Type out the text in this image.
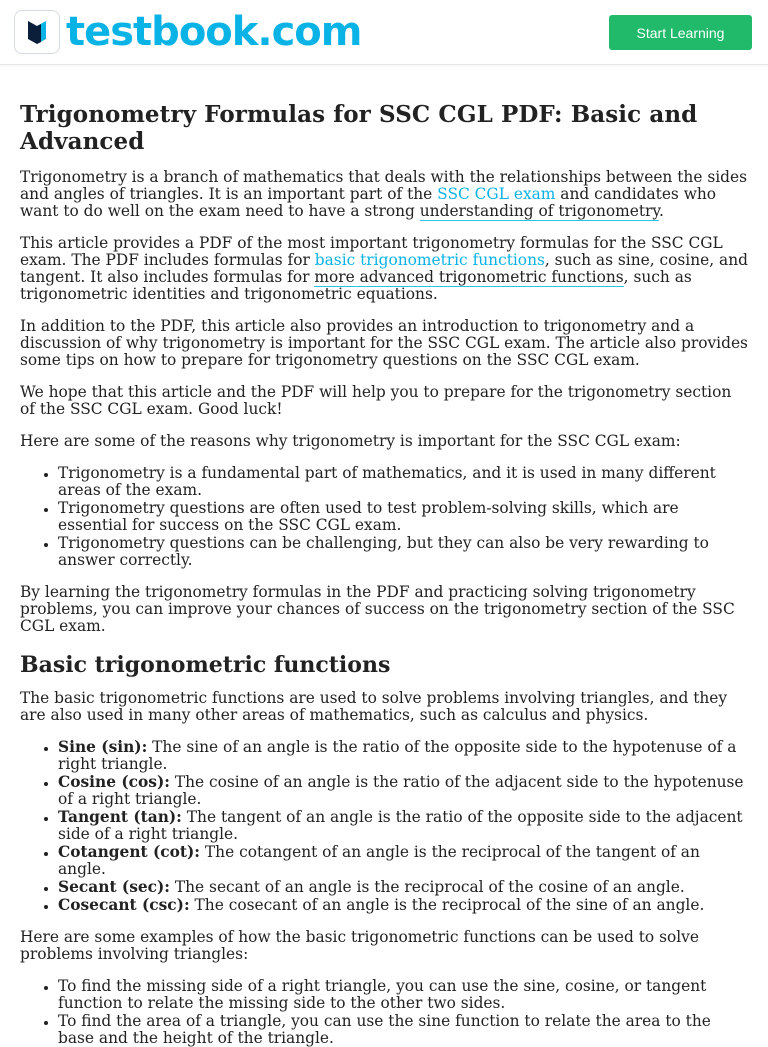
testbook.com	Start Learning
Trigonometry Formulas for SSC CGL PDF: Basic and Advanced

Trigonometry is a branch of mathematics that deals with the relationships between the sides and angles of triangles. It is an important part of the SSC CGL exam and candidates who want to do well on the exam need to have a strong understanding of trigonometry.

This article provides a PDF of the most important trigonometry formulas for the SSC CGL exam. The PDF includes formulas for basic trigonometric functions, such as sine, cosine, and tangent. It also includes formulas for more advanced trigonometric functions, such as trigonometric identities and trigonometric equations.

In addition to the PDF, this article also provides an introduction to trigonometry and a discussion of why trigonometry is important for the SSC CGL exam. The article also provides some tips on how to prepare for trigonometry questions on the SSC CGL exam.

We hope that this article and the PDF will help you to prepare for the trigonometry section of the SSC CGL exam. Good luck!

Here are some of the reasons why trigonometry is important for the SSC CGL exam:

• Trigonometry is a fundamental part of mathematics, and it is used in many different areas of the exam.
• Trigonometry questions are often used to test problem-solving skills, which are essential for success on the SSC CGL exam.
• Trigonometry questions can be challenging, but they can also be very rewarding to answer correctly.

By learning the trigonometry formulas in the PDF and practicing solving trigonometry problems, you can improve your chances of success on the trigonometry section of the SSC CGL exam.

Basic trigonometric functions

The basic trigonometric functions are used to solve problems involving triangles, and they are also used in many other areas of mathematics, such as calculus and physics.

• Sine (sin): The sine of an angle is the ratio of the opposite side to the hypotenuse of a right triangle.
• Cosine (cos): The cosine of an angle is the ratio of the adjacent side to the hypotenuse of a right triangle.
• Tangent (tan): The tangent of an angle is the ratio of the opposite side to the adjacent side of a right triangle.
• Cotangent (cot): The cotangent of an angle is the reciprocal of the tangent of an angle.
• Secant (sec): The secant of an angle is the reciprocal of the cosine of an angle.
• Cosecant (csc): The cosecant of an angle is the reciprocal of the sine of an angle.

Here are some examples of how the basic trigonometric functions can be used to solve problems involving triangles:

• To find the missing side of a right triangle, you can use the sine, cosine, or tangent function to relate the missing side to the other two sides.
• To find the area of a triangle, you can use the sine function to relate the area to the base and the height of the triangle.
